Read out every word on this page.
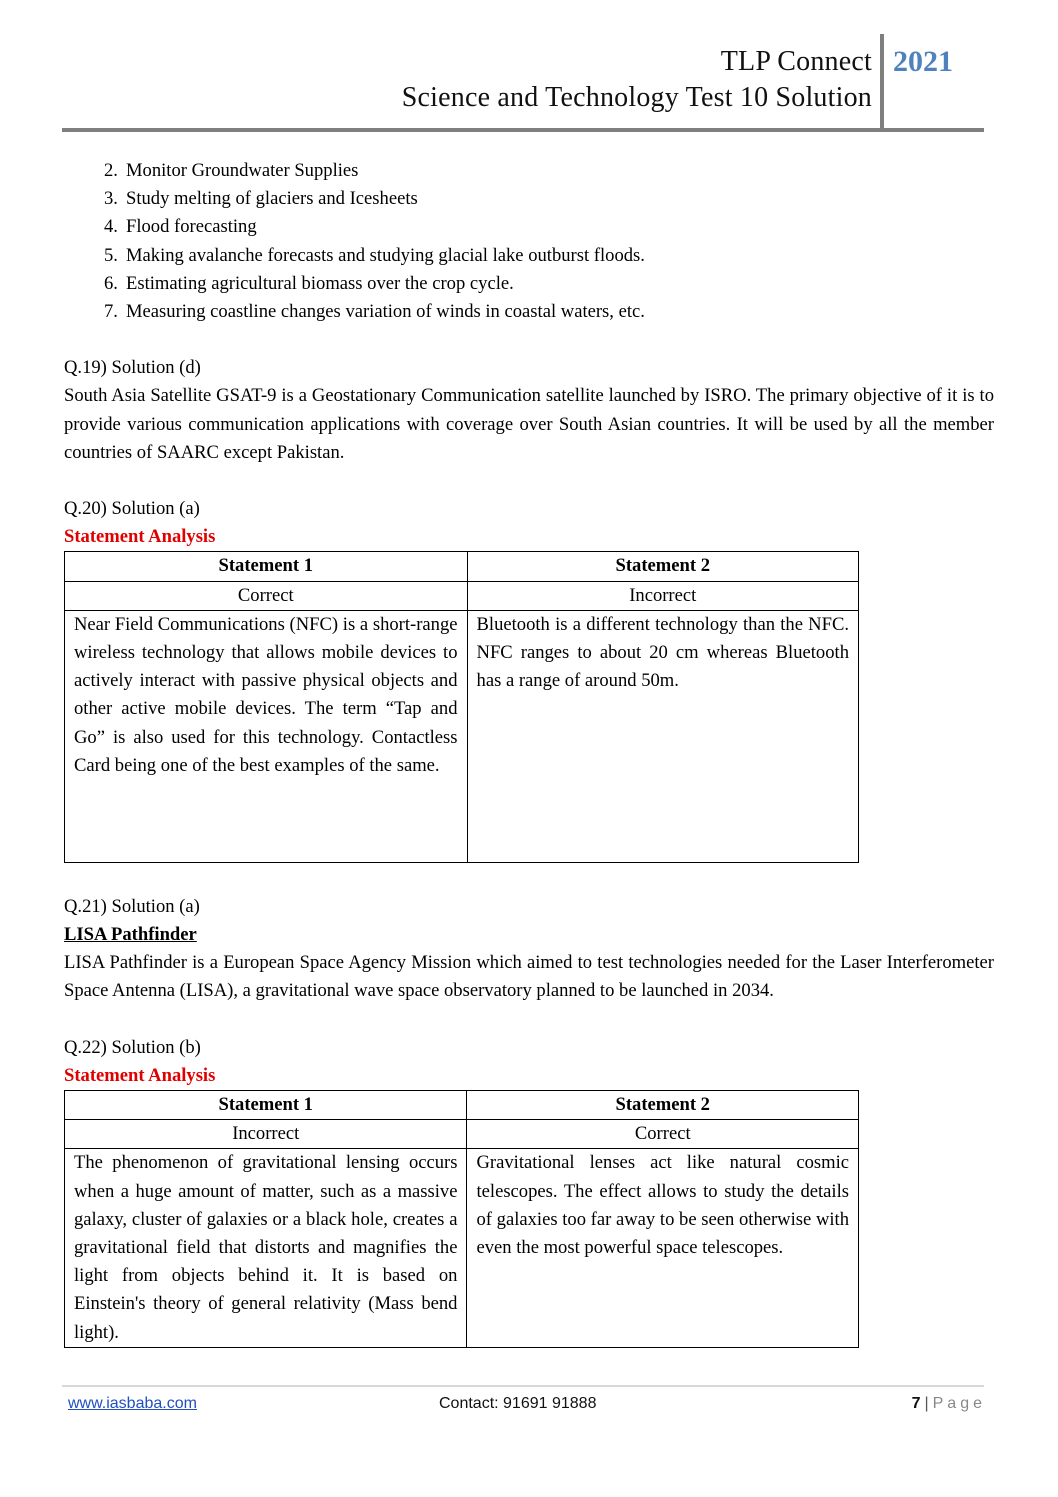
TLP Connect
Science and Technology Test 10 Solution
2021
2. Monitor Groundwater Supplies
3. Study melting of glaciers and Icesheets
4. Flood forecasting
5. Making avalanche forecasts and studying glacial lake outburst floods.
6. Estimating agricultural biomass over the crop cycle.
7. Measuring coastline changes variation of winds in coastal waters, etc.
Q.19) Solution (d)

South Asia Satellite GSAT-9 is a Geostationary Communication satellite launched by ISRO. The primary objective of it is to provide various communication applications with coverage over South Asian countries. It will be used by all the member countries of SAARC except Pakistan.

Q.20) Solution (a)
Statement Analysis
Statement 1	Statement 2
Correct	Incorrect
Near Field Communications (NFC) is a short-range wireless technology that allows mobile devices to actively interact with passive physical objects and other active mobile devices. The term “Tap and Go” is also used for this technology. Contactless Card being one of the best examples of the same.	Bluetooth is a different technology than the NFC. NFC ranges to about 20 cm whereas Bluetooth has a range of around 50m.
Q.21) Solution (a)
LISA Pathfinder

LISA Pathfinder is a European Space Agency Mission which aimed to test technologies needed for the Laser Interferometer Space Antenna (LISA), a gravitational wave space observatory planned to be launched in 2034.

Q.22) Solution (b)
Statement Analysis
Statement 1	Statement 2
Incorrect	Correct
The phenomenon of gravitational lensing occurs when a huge amount of matter, such as a massive galaxy, cluster of galaxies or a black hole, creates a gravitational field that distorts and magnifies the light from objects behind it. It is based on Einstein's theory of general relativity (Mass bend light).	Gravitational lenses act like natural cosmic telescopes. The effect allows to study the details of galaxies too far away to be seen otherwise with even the most powerful space telescopes.
www.iasbaba.com	Contact: 91691 91888	7 | Page
